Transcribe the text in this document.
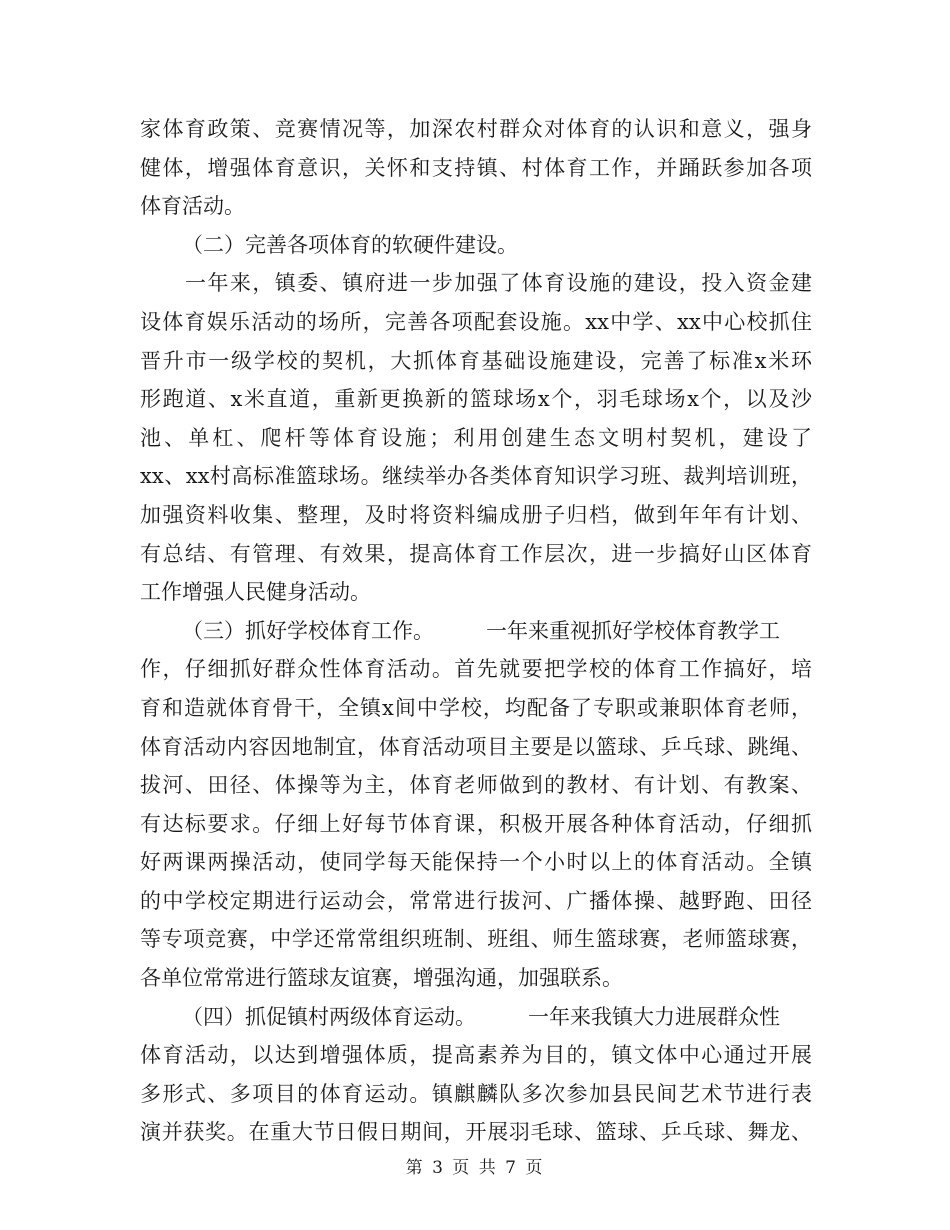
家体育政策、竞赛情况等，加深农村群众对体育的认识和意义，强身
健体，增强体育意识，关怀和支持镇、村体育工作，并踊跃参加各项
体育活动。
（二）完善各项体育的软硬件建设。
一年来，镇委、镇府进一步加强了体育设施的建设，投入资金建
设体育娱乐活动的场所，完善各项配套设施。xx中学、xx中心校抓住
晋升市一级学校的契机，大抓体育基础设施建设，完善了标准x米环
形跑道、x米直道，重新更换新的篮球场x个，羽毛球场x个，以及沙
池、单杠、爬杆等体育设施；利用创建生态文明村契机，建设了
xx、xx村高标准篮球场。继续举办各类体育知识学习班、裁判培训班，
加强资料收集、整理，及时将资料编成册子归档，做到年年有计划、
有总结、有管理、有效果，提高体育工作层次，进一步搞好山区体育
工作增强人民健身活动。
（三）抓好学校体育工作。 一年来重视抓好学校体育教学工
作，仔细抓好群众性体育活动。首先就要把学校的体育工作搞好，培
育和造就体育骨干，全镇x间中学校，均配备了专职或兼职体育老师，
体育活动内容因地制宜，体育活动项目主要是以篮球、乒乓球、跳绳、
拔河、田径、体操等为主，体育老师做到的教材、有计划、有教案、
有达标要求。仔细上好每节体育课，积极开展各种体育活动，仔细抓
好两课两操活动，使同学每天能保持一个小时以上的体育活动。全镇
的中学校定期进行运动会，常常进行拔河、广播体操、越野跑、田径
等专项竞赛，中学还常常组织班制、班组、师生篮球赛，老师篮球赛，
各单位常常进行篮球友谊赛，增强沟通，加强联系。
（四）抓促镇村两级体育运动。 一年来我镇大力进展群众性
体育活动，以达到增强体质，提高素养为目的，镇文体中心通过开展
多形式、多项目的体育运动。镇麒麟队多次参加县民间艺术节进行表
演并获奖。在重大节日假日期间，开展羽毛球、篮球、乒乓球、舞龙、
第 3 页 共 7 页
